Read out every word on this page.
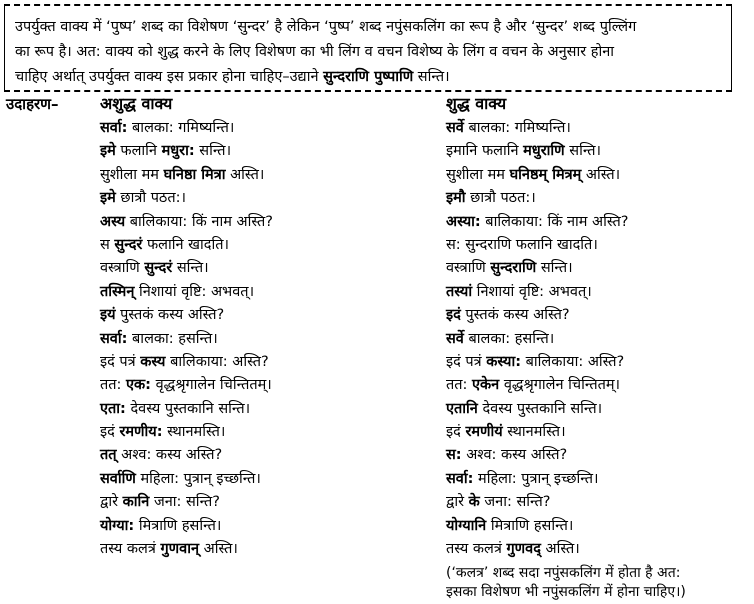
उपर्युक्त वाक्य में ‘पुष्प’ शब्द का विशेषण ‘सुन्दर’ है लेकिन ‘पुष्प’ शब्द नपुंसकलिंग का रूप है और ‘सुन्दर’ शब्द पुल्लिंग
का रूप है। अत: वाक्य को शुद्ध करने के लिए विशेषण का भी लिंग व वचन विशेष्य के लिंग व वचन के अनुसार होना
चाहिए अर्थात् उपर्युक्त वाक्य इस प्रकार होना चाहिए–उद्याने सुन्दराणि पुष्पाणि सन्ति।
उदाहरण–	अशुद्ध वाक्य	शुद्ध वाक्य
सर्वा: बालका: गमिष्यन्ति।
इमे फलानि मधुरा: सन्ति।
सुशीला मम घनिष्ठा मित्रा अस्ति।
इमे छात्रौ पठत:।
अस्य बालिकाया: किं नाम अस्ति?
स सुन्दरं फलानि खादति।
वस्त्राणि सुन्दरं सन्ति।
तस्मिन् निशायां वृष्टि: अभवत्।
इयं पुस्तकं कस्य अस्ति?
सर्वा: बालका: हसन्ति।
इदं पत्रं कस्य बालिकाया: अस्ति?
तत: एक: वृद्धश्रृगालेन चिन्तितम्।
एता: देवस्य पुस्तकानि सन्ति।
इदं रमणीय: स्थानमस्ति।
तत् अश्व: कस्य अस्ति?
सर्वाणि महिला: पुत्रान् इच्छन्ति।
द्वारे कानि जना: सन्ति?
योग्या: मित्राणि हसन्ति।
तस्य कलत्रं गुणवान् अस्ति।
सर्वे बालका: गमिष्यन्ति।
इमानि फलानि मधुराणि सन्ति।
सुशीला मम घनिष्ठम् मित्रम् अस्ति।
इमौ छात्रौ पठत:।
अस्या: बालिकाया: किं नाम अस्ति?
स: सुन्दराणि फलानि खादति।
वस्त्राणि सुन्दराणि सन्ति।
तस्यां निशायां वृष्टि: अभवत्।
इदं पुस्तकं कस्य अस्ति?
सर्वे बालका: हसन्ति।
इदं पत्रं कस्या: बालिकाया: अस्ति?
तत: एकेन वृद्धश्रृगालेन चिन्तितम्।
एतानि देवस्य पुस्तकानि सन्ति।
इदं रमणीयं स्थानमस्ति।
स: अश्व: कस्य अस्ति?
सर्वा: महिला: पुत्रान् इच्छन्ति।
द्वारे के जना: सन्ति?
योग्यानि मित्राणि हसन्ति।
तस्य कलत्रं गुणवद् अस्ति।
(‘कलत्र’ शब्द सदा नपुंसकलिंग में होता है अत:
इसका विशेषण भी नपुंसकलिंग में होना चाहिए।)
